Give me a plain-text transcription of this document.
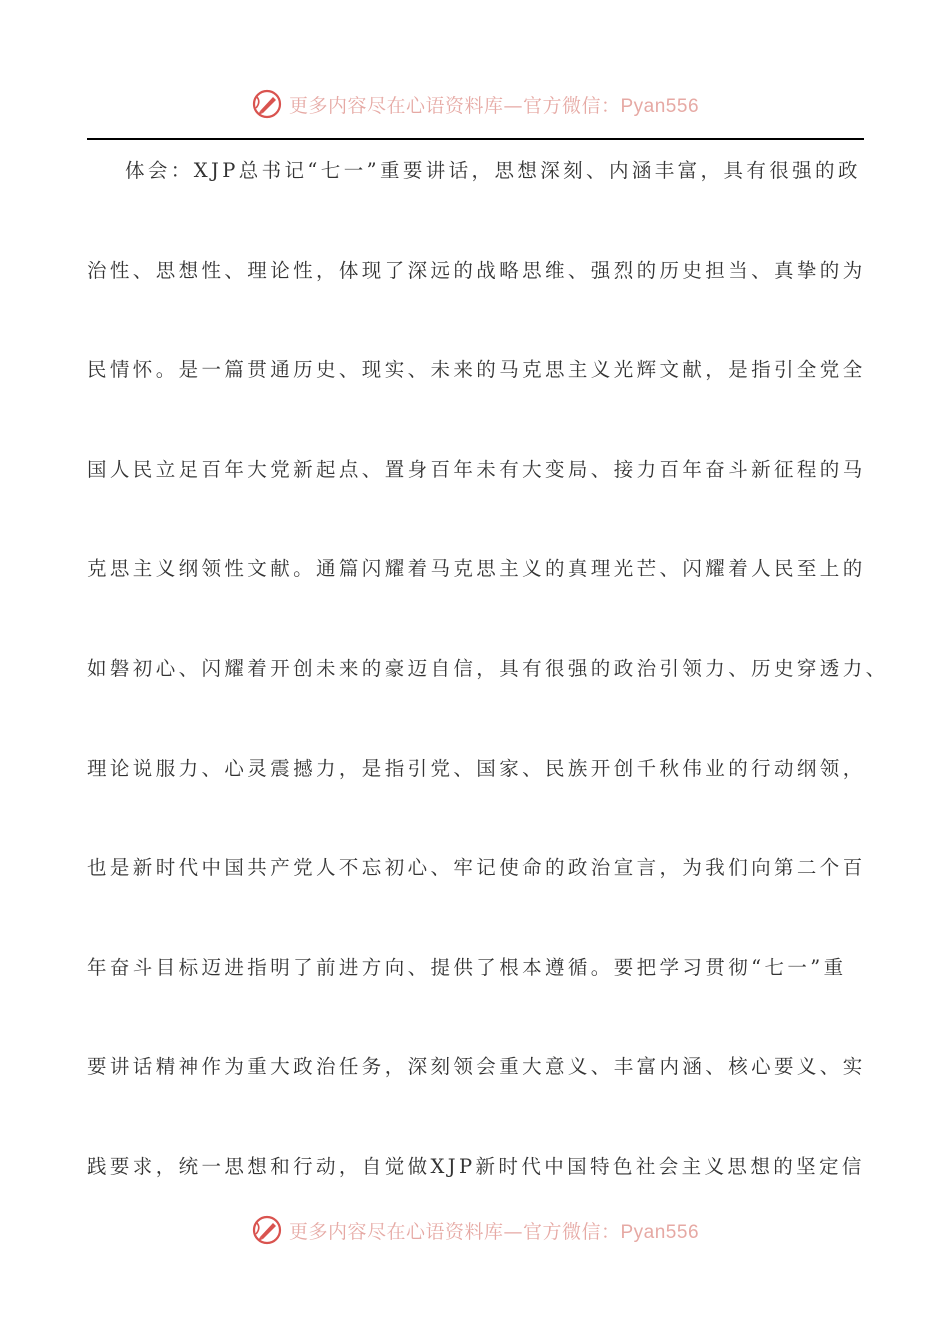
更多内容尽在心语资料库—官方微信：Pyan556
体会：XJP总书记“七一”重要讲话，思想深刻、内涵丰富，具有很强的政
治性、思想性、理论性，体现了深远的战略思维、强烈的历史担当、真挚的为
民情怀。是一篇贯通历史、现实、未来的马克思主义光辉文献，是指引全党全
国人民立足百年大党新起点、置身百年未有大变局、接力百年奋斗新征程的马
克思主义纲领性文献。通篇闪耀着马克思主义的真理光芒、闪耀着人民至上的
如磐初心、闪耀着开创未来的豪迈自信，具有很强的政治引领力、历史穿透力、
理论说服力、心灵震撼力，是指引党、国家、民族开创千秋伟业的行动纲领，
也是新时代中国共产党人不忘初心、牢记使命的政治宣言，为我们向第二个百
年奋斗目标迈进指明了前进方向、提供了根本遵循。要把学习贯彻“七一”重
要讲话精神作为重大政治任务，深刻领会重大意义、丰富内涵、核心要义、实
践要求，统一思想和行动，自觉做XJP新时代中国特色社会主义思想的坚定信
更多内容尽在心语资料库—官方微信：Pyan556
